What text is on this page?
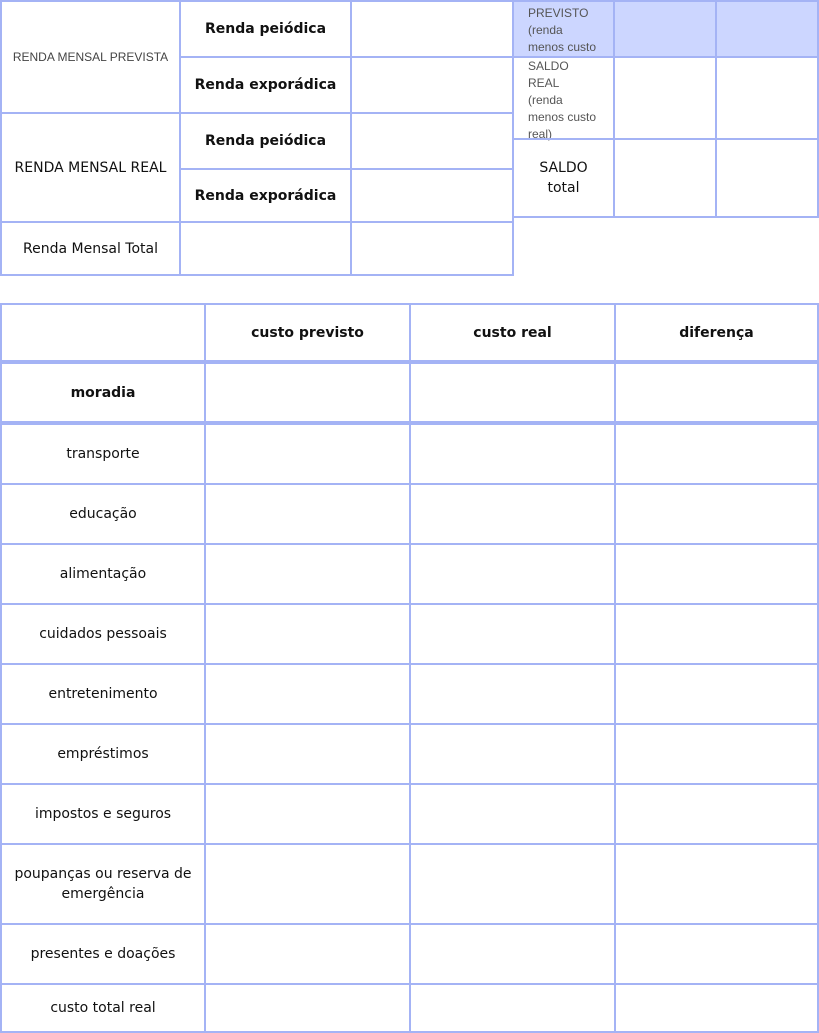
RENDA MENSAL PREVISTA
Renda peiódica
Renda exporádica
RENDA MENSAL REAL
Renda peiódica
Renda exporádica
Renda Mensal Total
PREVISTO
(renda
menos custo
SALDO
REAL
(renda
menos custo
real)
SALDO
total
custo previsto	custo real	diferença
moradia
transporte
educação
alimentação
cuidados pessoais
entretenimento
empréstimos
impostos e seguros
poupanças ou reserva de emergência
presentes e doações
custo total real
